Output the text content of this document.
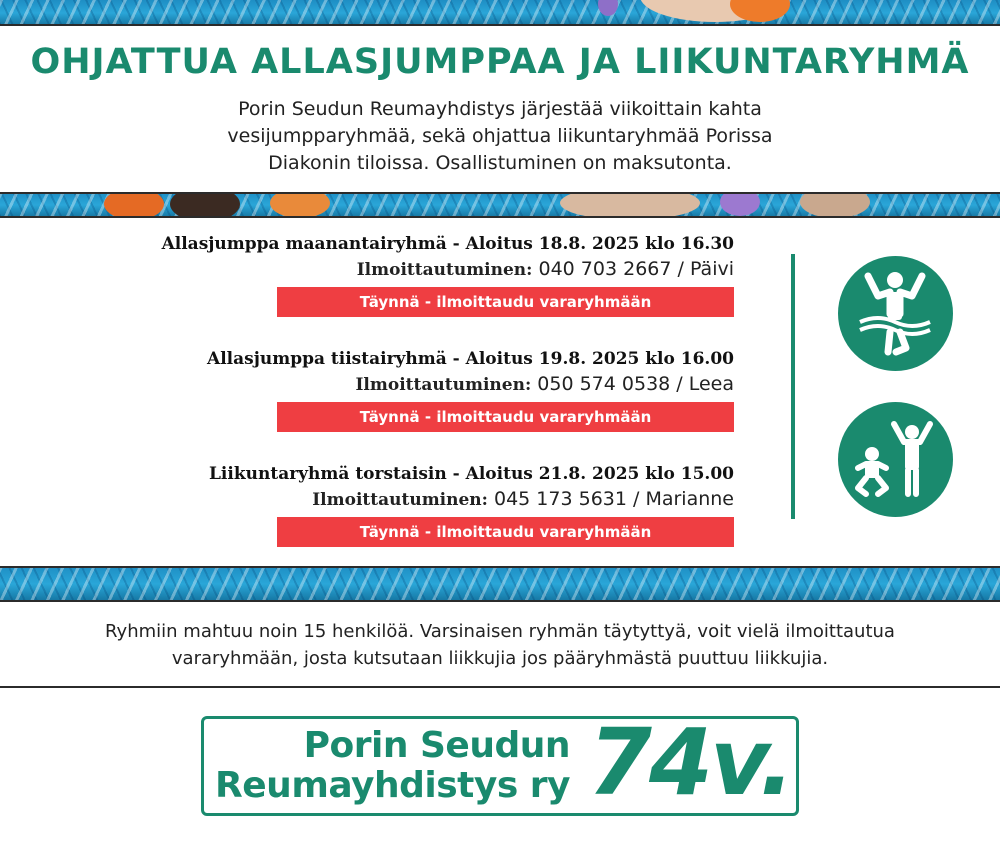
OHJATTUA ALLASJUMPPAA JA LIIKUNTARYHMÄ
Porin Seudun Reumayhdistys järjestää viikoittain kahta
vesijumpparyhmää, sekä ohjattua liikuntaryhmää Porissa
Diakonin tiloissa. Osallistuminen on maksutonta.
Allasjumppa maanantairyhmä - Aloitus 18.8. 2025 klo 16.30
Ilmoittautuminen: 040 703 2667 / Päivi
Täynnä - ilmoittaudu vararyhmään
Allasjumppa tiistairyhmä - Aloitus 19.8. 2025 klo 16.00
Ilmoittautuminen: 050 574 0538 / Leea
Täynnä - ilmoittaudu vararyhmään
Liikuntaryhmä torstaisin - Aloitus 21.8. 2025 klo 15.00
Ilmoittautuminen: 045 173 5631 / Marianne
Täynnä - ilmoittaudu vararyhmään
Ryhmiin mahtuu noin 15 henkilöä. Varsinaisen ryhmän täytyttyä, voit vielä ilmoittautua
vararyhmään, josta kutsutaan liikkujia jos pääryhmästä puuttuu liikkujia.
Porin Seudun
Reumayhdistys ry 74v.
